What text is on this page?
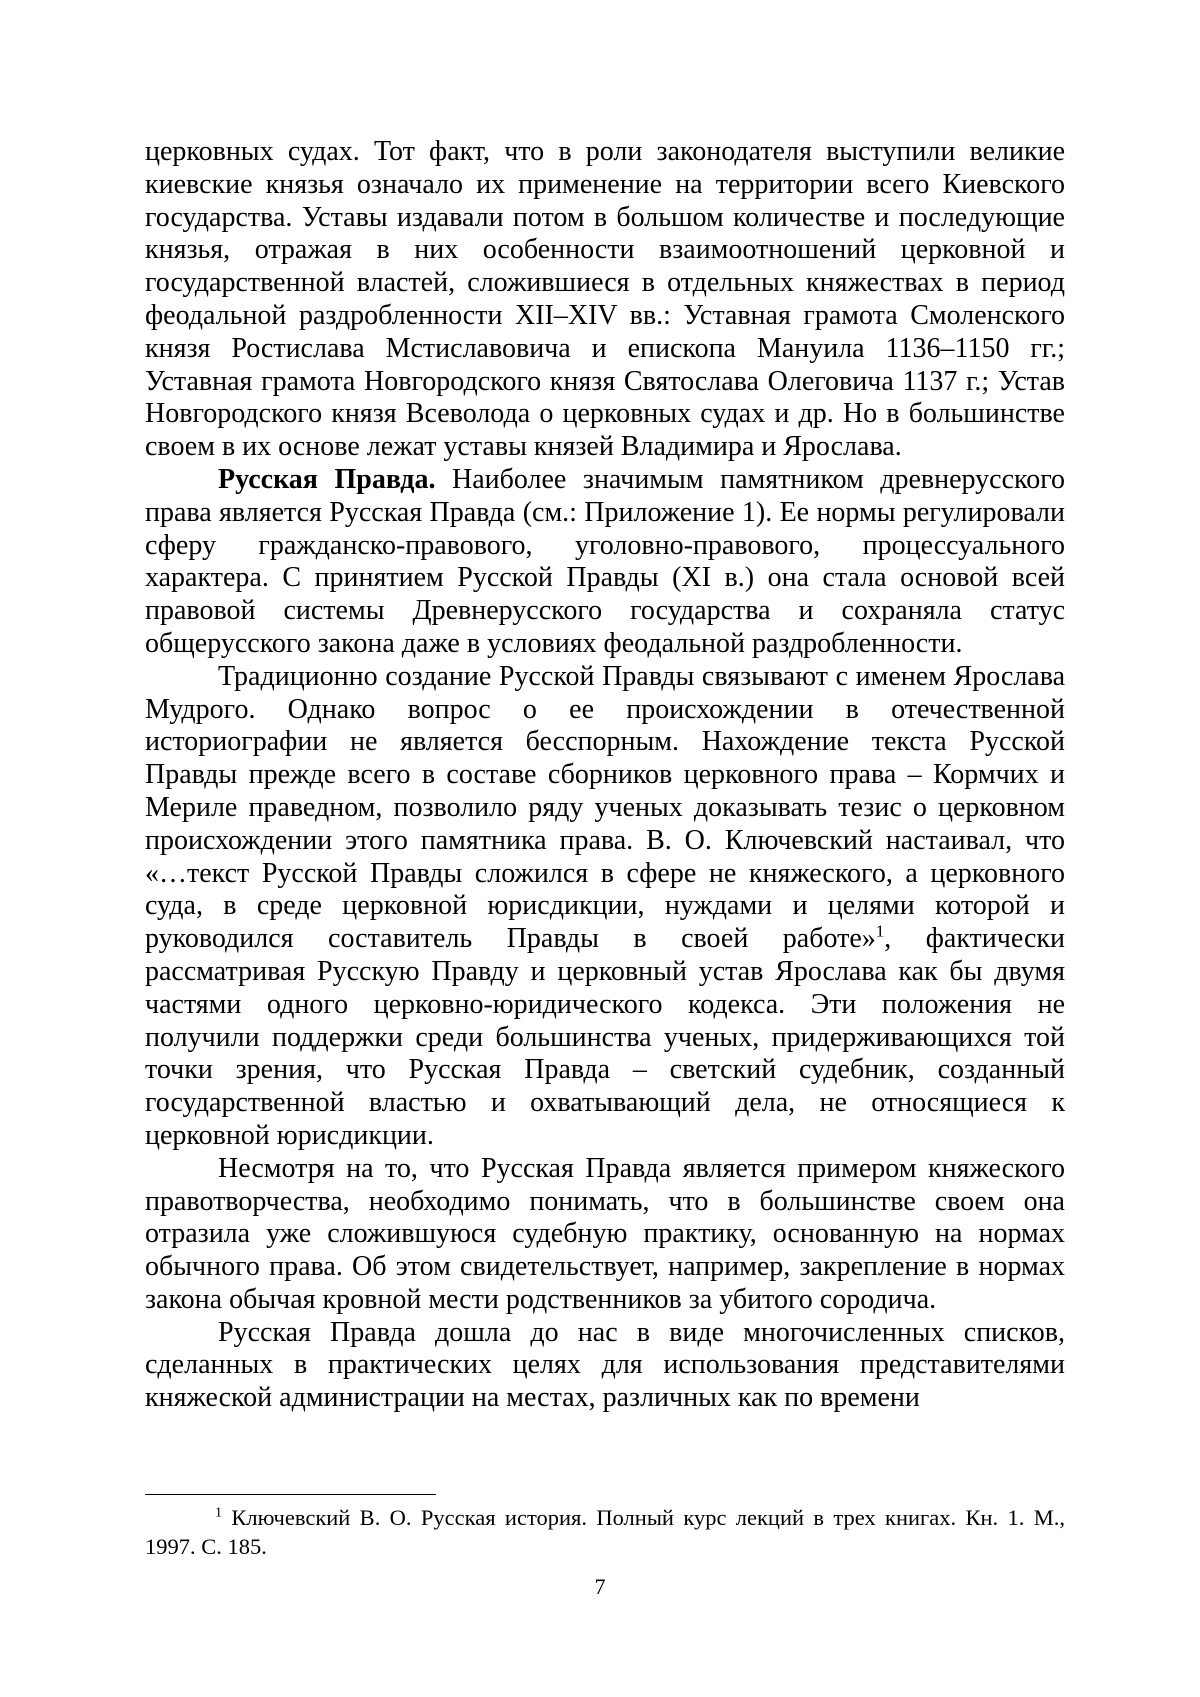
церковных судах. Тот факт, что в роли законодателя выступили великие киевские князья означало их применение на территории всего Киевского государства. Уставы издавали потом в большом количестве и последующие князья, отражая в них особенности взаимоотношений церковной и государственной властей, сложившиеся в отдельных княжествах в период феодальной раздробленности XII–XIV вв.: Уставная грамота Смоленского князя Ростислава Мстиславовича и епископа Мануила 1136–1150 гг.; Уставная грамота Новгородского князя Святослава Олеговича 1137 г.; Устав Новгородского князя Всеволода о церковных судах и др. Но в большинстве своем в их основе лежат уставы князей Владимира и Ярослава.

Русская Правда. Наиболее значимым памятником древнерусского права является Русская Правда (см.: Приложение 1). Ее нормы регулировали сферу гражданско-правового, уголовно-правового, процессуального характера. С принятием Русской Правды (XI в.) она стала основой всей правовой системы Древнерусского государства и сохраняла статус общерусского закона даже в условиях феодальной раздробленности.

Традиционно создание Русской Правды связывают с именем Ярослава Мудрого. Однако вопрос о ее происхождении в отечественной историографии не является бесспорным. Нахождение текста Русской Правды прежде всего в составе сборников церковного права – Кормчих и Мериле праведном, позволило ряду ученых доказывать тезис о церковном происхождении этого памятника права. В. О. Ключевский настаивал, что «…текст Русской Правды сложился в сфере не княжеского, а церковного суда, в среде церковной юрисдикции, нуждами и целями которой и руководился составитель Правды в своей работе»$^1$, фактически рассматривая Русскую Правду и церковный устав Ярослава как бы двумя частями одного церковно-юридического кодекса. Эти положения не получили поддержки среди большинства ученых, придерживающихся той точки зрения, что Русская Правда – светский судебник, созданный государственной властью и охватывающий дела, не относящиеся к церковной юрисдикции.

Несмотря на то, что Русская Правда является примером княжеского правотворчества, необходимо понимать, что в большинстве своем она отразила уже сложившуюся судебную практику, основанную на нормах обычного права. Об этом свидетельствует, например, закрепление в нормах закона обычая кровной мести родственников за убитого сородича.

Русская Правда дошла до нас в виде многочисленных списков, сделанных в практических целях для использования представителями княжеской администрации на местах, различных как по времени

$^1$ Ключевский В. О. Русская история. Полный курс лекций в трех книгах. Кн. 1. М., 1997. С. 185.

7
